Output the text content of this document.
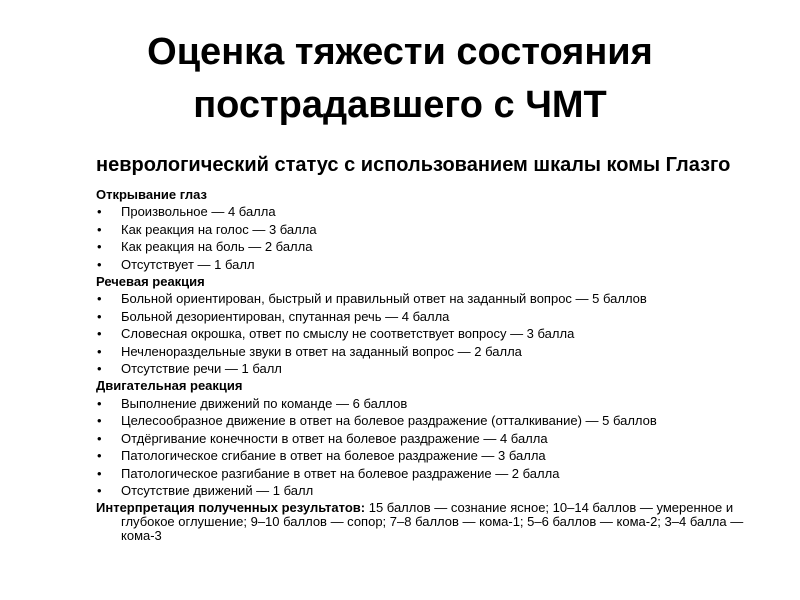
Оценка тяжести состояния
пострадавшего с ЧМТ

неврологический статус с использованием шкалы комы Глазго

Открывание глаз

• Произвольное — 4 балла
• Как реакция на голос — 3 балла
• Как реакция на боль — 2 балла
• Отсутствует — 1 балл

Речевая реакция

• Больной ориентирован, быстрый и правильный ответ на заданный вопрос — 5 баллов
• Больной дезориентирован, спутанная речь — 4 балла
• Словесная окрошка, ответ по смыслу не соответствует вопросу — 3 балла
• Нечленораздельные звуки в ответ на заданный вопрос — 2 балла
• Отсутствие речи — 1 балл

Двигательная реакция

• Выполнение движений по команде — 6 баллов
• Целесообразное движение в ответ на болевое раздражение (отталкивание) — 5 баллов
• Отдёргивание конечности в ответ на болевое раздражение — 4 балла
• Патологическое сгибание в ответ на болевое раздражение — 3 балла
• Патологическое разгибание в ответ на болевое раздражение — 2 балла
• Отсутствие движений — 1 балл

Интерпретация полученных результатов: 15 баллов — сознание ясное; 10–14 баллов — умеренное и глубокое оглушение; 9–10 баллов — сопор; 7–8 баллов — кома-1; 5–6 баллов — кома-2; 3–4 балла — кома-3
